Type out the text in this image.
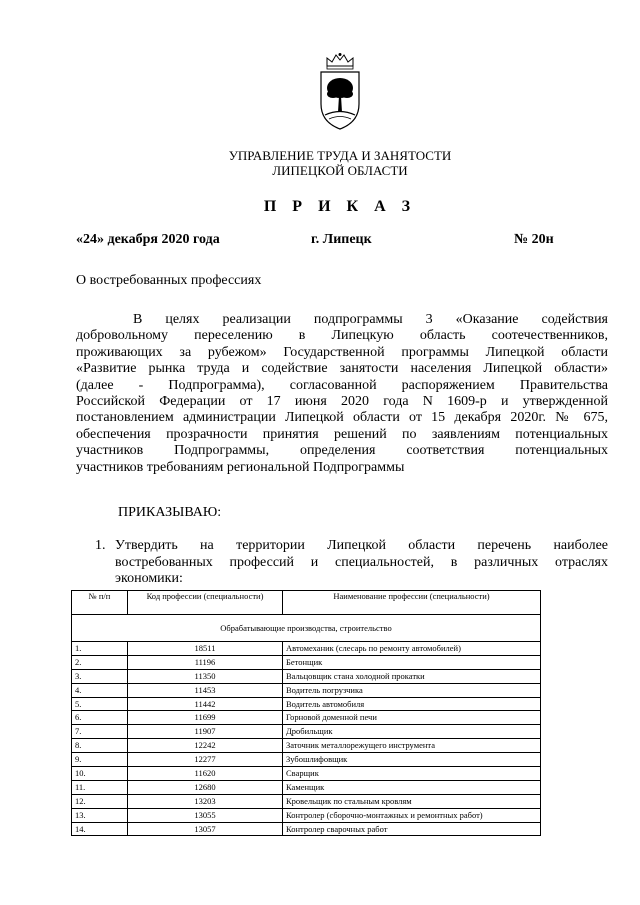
УПРАВЛЕНИЕ ТРУДА И ЗАНЯТОСТИ
ЛИПЕЦКОЙ ОБЛАСТИ
П Р И К А З
«24» декабря 2020 года	г. Липецк	№ 20н
О востребованных профессиях
В целях реализации подпрограммы 3 «Оказание содействия
добровольному переселению в Липецкую область соотечественников,
проживающих за рубежом» Государственной программы Липецкой области
«Развитие рынка труда и содействие занятости населения Липецкой области»
(далее - Подпрограмма), согласованной распоряжением Правительства
Российской Федерации от 17 июня 2020 года N 1609-р и утвержденной
постановлением администрации Липецкой области от 15 декабря 2020г. № 675,
обеспечения прозрачности принятия решений по заявлениям потенциальных
участников Подпрограммы, определения соответствия потенциальных
участников требованиям региональной Подпрограммы
ПРИКАЗЫВАЮ:
1. Утвердить на территории Липецкой области перечень наиболее
востребованных профессий и специальностей, в различных отраслях
экономики:
№ п/п	Код профессии (специальности)	Наименование профессии (специальности)
Обрабатывающие производства, строительство		
1.	18511	Автомеханик (слесарь по ремонту автомобилей)
2.	11196	Бетонщик
3.	11350	Вальцовщик стана холодной прокатки
4.	11453	Водитель погрузчика
5.	11442	Водитель автомобиля
6.	11699	Горновой доменной печи
7.	11907	Дробильщик
8.	12242	Заточник металлорежущего инструмента
9.	12277	Зубошлифовщик
10.	11620	Сварщик
11.	12680	Каменщик
12.	13203	Кровельщик по стальным кровлям
13.	13055	Контролер (сборочно-монтажных и ремонтных работ)
14.	13057	Контролер сварочных работ
